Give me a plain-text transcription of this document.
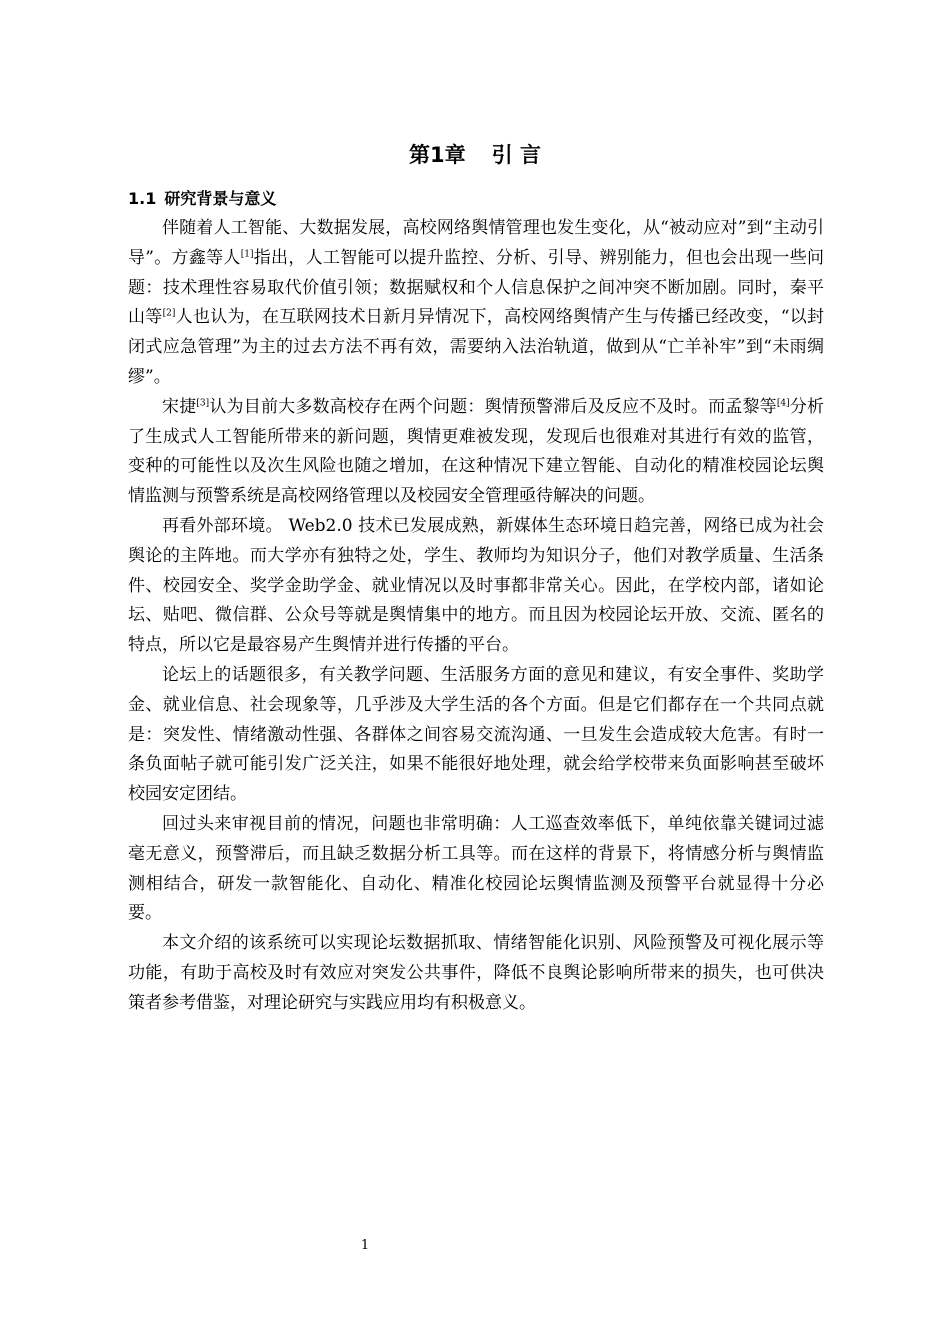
第1章 引 言
1.1 研究背景与意义

伴随着人工智能、大数据发展，高校网络舆情管理也发生变化，从“被动应对”到“主动引导”。方鑫等人[1]指出，人工智能可以提升监控、分析、引导、辨别能力，但也会出现一些问题：技术理性容易取代价值引领；数据赋权和个人信息保护之间冲突不断加剧。同时，秦平山等[2]人也认为，在互联网技术日新月异情况下，高校网络舆情产生与传播已经改变，“以封闭式应急管理”为主的过去方法不再有效，需要纳入法治轨道，做到从“亡羊补牢”到“未雨绸缪”。

宋捷[3]认为目前大多数高校存在两个问题：舆情预警滞后及反应不及时。而孟黎等[4]分析了生成式人工智能所带来的新问题，舆情更难被发现，发现后也很难对其进行有效的监管，变种的可能性以及次生风险也随之增加，在这种情况下建立智能、自动化的精准校园论坛舆情监测与预警系统是高校网络管理以及校园安全管理亟待解决的问题。

再看外部环境。 Web2.0 技术已发展成熟，新媒体生态环境日趋完善，网络已成为社会舆论的主阵地。而大学亦有独特之处，学生、教师均为知识分子，他们对教学质量、生活条件、校园安全、奖学金助学金、就业情况以及时事都非常关心。因此，在学校内部，诸如论坛、贴吧、微信群、公众号等就是舆情集中的地方。而且因为校园论坛开放、交流、匿名的特点，所以它是最容易产生舆情并进行传播的平台。

论坛上的话题很多，有关教学问题、生活服务方面的意见和建议，有安全事件、奖助学金、就业信息、社会现象等，几乎涉及大学生活的各个方面。但是它们都存在一个共同点就是：突发性、情绪激动性强、各群体之间容易交流沟通、一旦发生会造成较大危害。有时一条负面帖子就可能引发广泛关注，如果不能很好地处理，就会给学校带来负面影响甚至破坏校园安定团结。

回过头来审视目前的情况，问题也非常明确：人工巡查效率低下，单纯依靠关键词过滤毫无意义，预警滞后，而且缺乏数据分析工具等。而在这样的背景下，将情感分析与舆情监测相结合，研发一款智能化、自动化、精准化校园论坛舆情监测及预警平台就显得十分必要。

本文介绍的该系统可以实现论坛数据抓取、情绪智能化识别、风险预警及可视化展示等功能，有助于高校及时有效应对突发公共事件，降低不良舆论影响所带来的损失，也可供决策者参考借鉴，对理论研究与实践应用均有积极意义。

1
